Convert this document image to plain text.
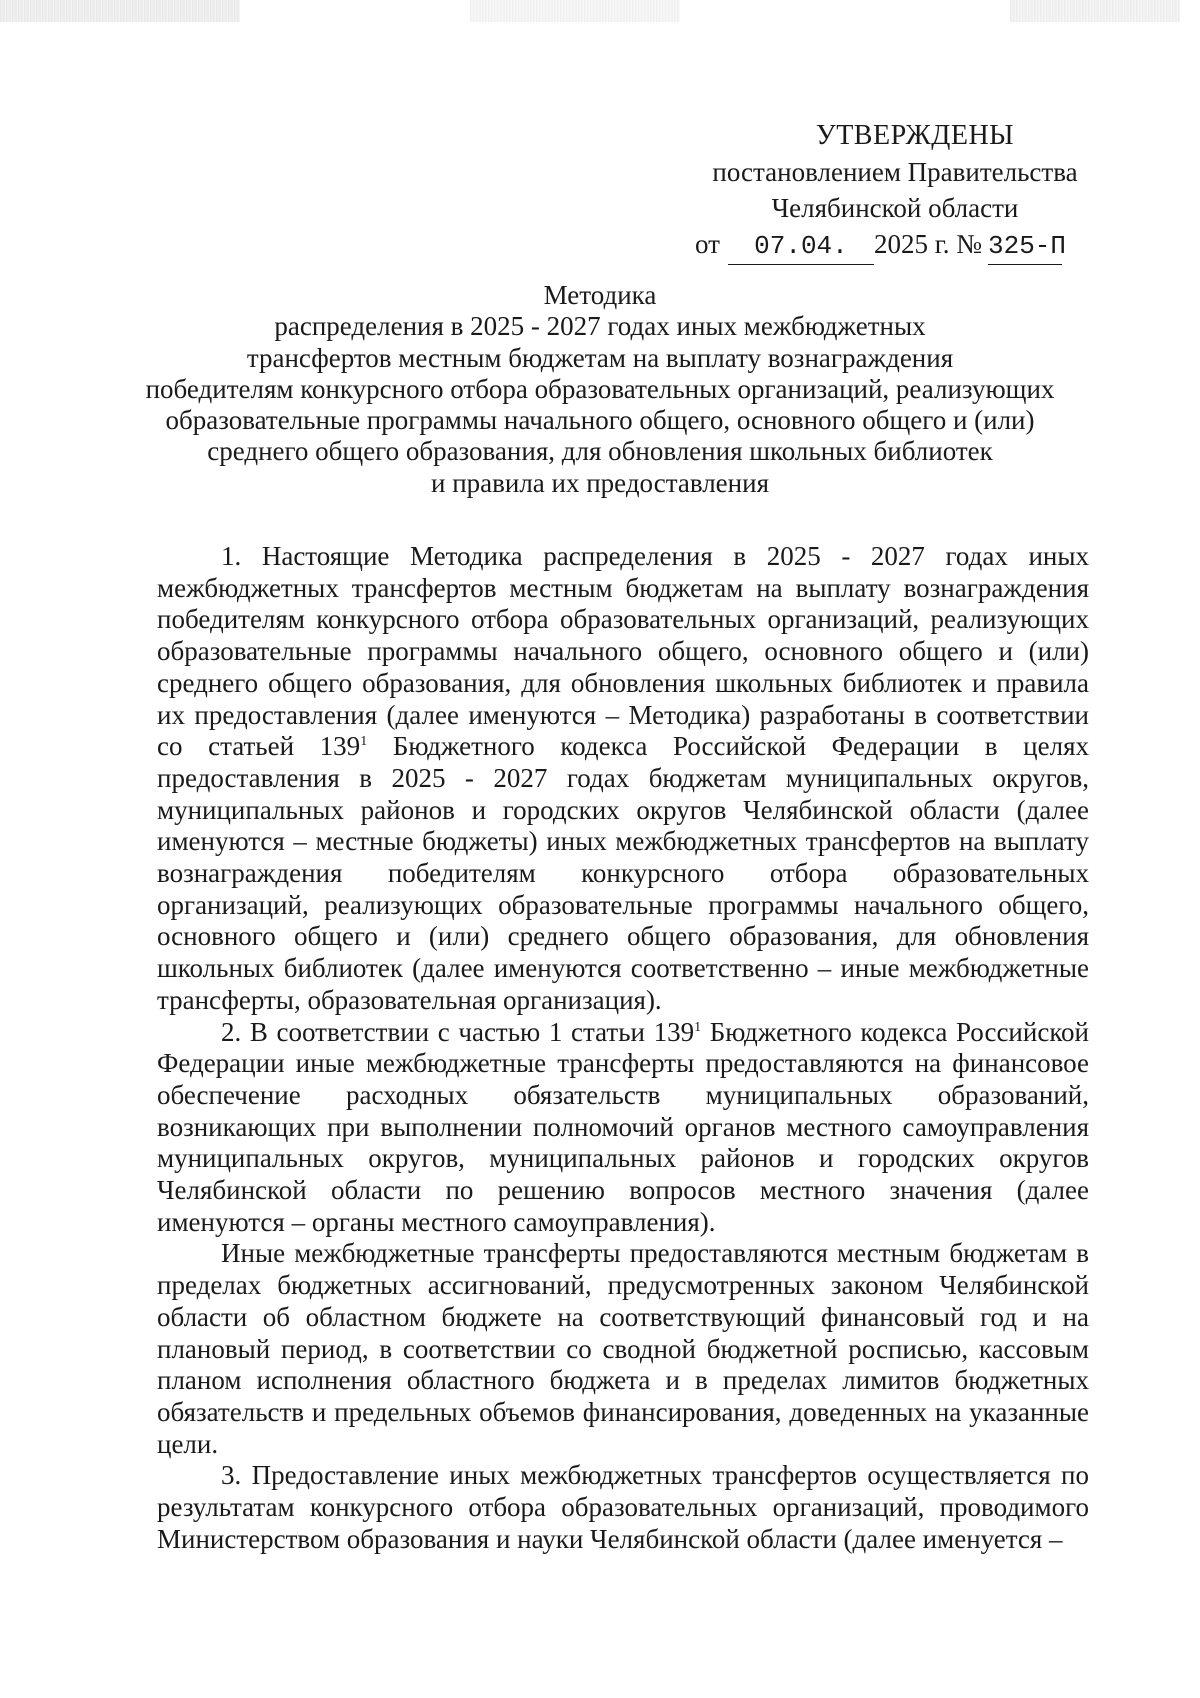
УТВЕРЖДЕНЫ
постановлением Правительства
Челябинской области
от 07.04. 2025 г. № 325-П
Методика
распределения в 2025 - 2027 годах иных межбюджетных
трансфертов местным бюджетам на выплату вознаграждения
победителям конкурсного отбора образовательных организаций, реализующих
образовательные программы начального общего, основного общего и (или)
среднего общего образования, для обновления школьных библиотек
и правила их предоставления

1. Настоящие Методика распределения в 2025 - 2027 годах иных межбюджетных трансфертов местным бюджетам на выплату вознаграждения победителям конкурсного отбора образовательных организаций, реализующих образовательные программы начального общего, основного общего и (или) среднего общего образования, для обновления школьных библиотек и правила их предоставления (далее именуются – Методика) разработаны в соответствии со статьей $139^1$ Бюджетного кодекса Российской Федерации в целях предоставления в 2025 - 2027 годах бюджетам муниципальных округов, муниципальных районов и городских округов Челябинской области (далее именуются – местные бюджеты) иных межбюджетных трансфертов на выплату вознаграждения победителям конкурсного отбора образовательных организаций, реализующих образовательные программы начального общего, основного общего и (или) среднего общего образования, для обновления школьных библиотек (далее именуются соответственно – иные межбюджетные трансферты, образовательная организация).

2. В соответствии с частью 1 статьи $139^1$ Бюджетного кодекса Российской Федерации иные межбюджетные трансферты предоставляются на финансовое обеспечение расходных обязательств муниципальных образований, возникающих при выполнении полномочий органов местного самоуправления муниципальных округов, муниципальных районов и городских округов Челябинской области по решению вопросов местного значения (далее именуются – органы местного самоуправления).

Иные межбюджетные трансферты предоставляются местным бюджетам в пределах бюджетных ассигнований, предусмотренных законом Челябинской области об областном бюджете на соответствующий финансовый год и на плановый период, в соответствии со сводной бюджетной росписью, кассовым планом исполнения областного бюджета и в пределах лимитов бюджетных обязательств и предельных объемов финансирования, доведенных на указанные цели.

3. Предоставление иных межбюджетных трансфертов осуществляется по результатам конкурсного отбора образовательных организаций, проводимого Министерством образования и науки Челябинской области (далее именуется –
